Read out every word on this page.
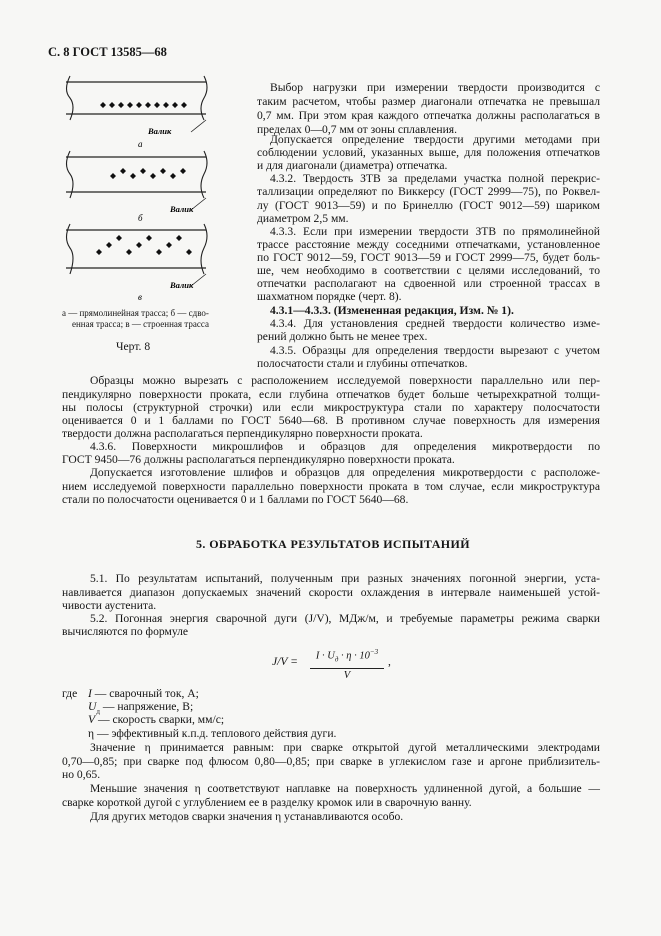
С. 8 ГОСТ 13585—68
Валик
а
Валик
б
Валик
в
а — прямолинейная трасса; б — сдво-
енная трасса; в — строенная трасса
Черт. 8
Выбор нагрузки при измерении твердости производится с
таким расчетом, чтобы размер диагонали отпечатка не превышал
0,7 мм. При этом края каждого отпечатка должны располагаться в
пределах 0—0,7 мм от зоны сплавления.
Допускается определение твердости другими методами при
соблюдении условий, указанных выше, для положения отпечатков
и для диагонали (диаметра) отпечатка.
4.3.2. Твердость ЗТВ за пределами участка полной перекрис-
таллизации определяют по Виккерсу (ГОСТ 2999—75), по Роквел-
лу (ГОСТ 9013—59) и по Бринеллю (ГОСТ 9012—59) шариком
диаметром 2,5 мм.
4.3.3. Если при измерении твердости ЗТВ по прямолинейной
трассе расстояние между соседними отпечатками, установленное
по ГОСТ 9012—59, ГОСТ 9013—59 и ГОСТ 2999—75, будет боль-
ше, чем необходимо в соответствии с целями исследований, то
отпечатки располагают на сдвоенной или строенной трассах в
шахматном порядке (черт. 8).
4.3.1—4.3.3. (Измененная редакция, Изм. № 1).
4.3.4. Для установления средней твердости количество изме-
рений должно быть не менее трех.
4.3.5. Образцы для определения твердости вырезают с учетом
полосчатости стали и глубины отпечатков.
Образцы можно вырезать с расположением исследуемой поверхности параллельно или пер-
пендикулярно поверхности проката, если глубина отпечатков будет больше четырехкратной толщи-
ны полосы (структурной строчки) или если микроструктура стали по характеру полосчатости
оценивается 0 и 1 баллами по ГОСТ 5640—68. В противном случае поверхность для измерения
твердости должна располагаться перпендикулярно поверхности проката.
4.3.6. Поверхности микрошлифов и образцов для определения микротвердости по
ГОСТ 9450—76 должны располагаться перпендикулярно поверхности проката.
Допускается изготовление шлифов и образцов для определения микротвердости с расположе-
нием исследуемой поверхности параллельно поверхности проката в том случае, если микроструктура
стали по полосчатости оценивается 0 и 1 баллами по ГОСТ 5640—68.
5. ОБРАБОТКА РЕЗУЛЬТАТОВ ИСПЫТАНИЙ
5.1. По результатам испытаний, полученным при разных значениях погонной энергии, уста-
навливается диапазон допускаемых значений скорости охлаждения в интервале наименьшей устой-
чивости аустенита.
5.2. Погонная энергия сварочной дуги (J/V), МДж/м, и требуемые параметры режима сварки
вычисляются по формуле
J/V =	$I \cdot U_д \cdot \eta \cdot 10^{-3}$
V
,
где I — сварочный ток, А;
$U_д$ — напряжение, В;
V — скорость сварки, мм/с;
η — эффективный к.п.д. теплового действия дуги.
Значение η принимается равным: при сварке открытой дугой металлическими электродами
0,70—0,85; при сварке под флюсом 0,80—0,85; при сварке в углекислом газе и аргоне приблизитель-
но 0,65.
Меньшие значения η соответствуют наплавке на поверхность удлиненной дугой, а большие —
сварке короткой дугой с углублением ее в разделку кромок или в сварочную ванну.
Для других методов сварки значения η устанавливаются особо.
